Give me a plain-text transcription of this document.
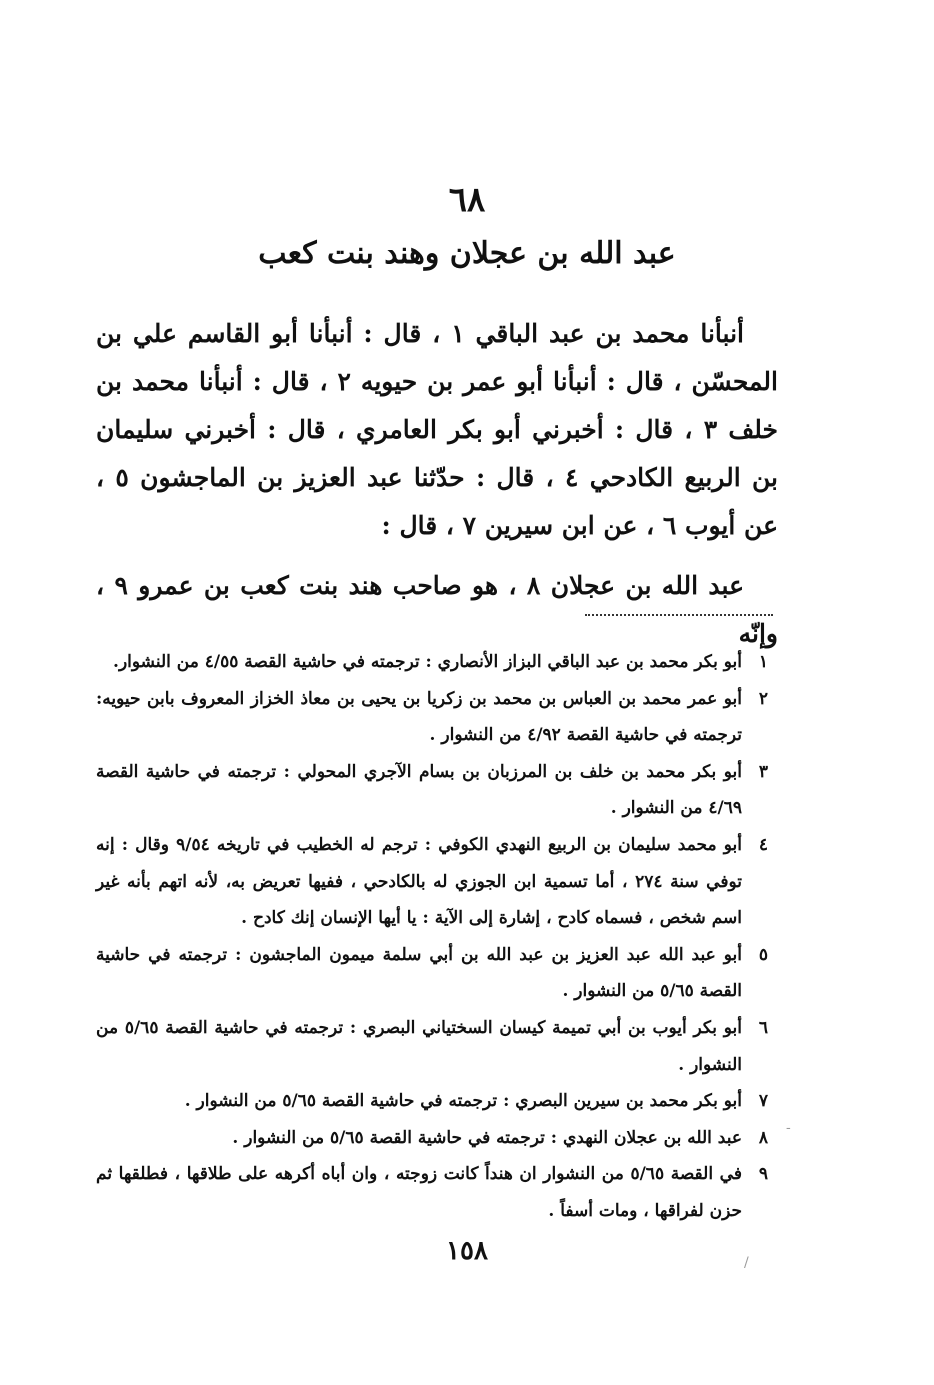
٦٨
عبد الله بن عجلان وهند بنت كعب

أنبأنا محمد بن عبد الباقي ١ ، قال : أنبأنا أبو القاسم علي بن المحسّن ، قال : أنبأنا أبو عمر بن حيويه ٢ ، قال : أنبأنا محمد بن خلف ٣ ، قال : أخبرني أبو بكر العامري ، قال : أخبرني سليمان بن الربيع الكادحي ٤ ، قال : حدّثنا عبد العزيز بن الماجشون ٥ ، عن أيوب ٦ ، عن ابن سيرين ٧ ، قال :

عبد الله بن عجلان ٨ ، هو صاحب هند بنت كعب بن عمرو ٩ ، وإنّه

١
أبو بكر محمد بن عبد الباقي البزاز الأنصاري : ترجمته في حاشية القصة ٤/٥٥ من النشوار.
٢
أبو عمر محمد بن العباس بن محمد بن زكريا بن يحيى بن معاذ الخزاز المعروف بابن حيويه: ترجمته في حاشية القصة ٤/٩٢ من النشوار .
٣
أبو بكر محمد بن خلف بن المرزبان بن بسام الآجري المحولي : ترجمته في حاشية القصة ٤/٦٩ من النشوار .
٤
أبو محمد سليمان بن الربيع النهدي الكوفي : ترجم له الخطيب في تاريخه ٩/٥٤ وقال : إنه توفي سنة ٢٧٤ ، أما تسمية ابن الجوزي له بالكادحي ، ففيها تعريض به، لأنه اتهم بأنه غير اسم شخص ، فسماه كادح ، إشارة إلى الآية : يا أيها الإنسان إنك كادح .
٥
أبو عبد الله عبد العزيز بن عبد الله بن أبي سلمة ميمون الماجشون : ترجمته في حاشية القصة ٥/٦٥ من النشوار .
٦
أبو بكر أيوب بن أبي تميمة كيسان السختياني البصري : ترجمته في حاشية القصة ٥/٦٥ من النشوار .
٧
أبو بكر محمد بن سيرين البصري : ترجمته في حاشية القصة ٥/٦٥ من النشوار .
٨
عبد الله بن عجلان النهدي : ترجمته في حاشية القصة ٥/٦٥ من النشوار .
٩
في القصة ٥/٦٥ من النشوار ان هنداً كانت زوجته ، وان أباه أكرهه على طلاقها ، فطلقها ثم حزن لفراقها ، ومات أسفاً .
١٥٨
-
/
